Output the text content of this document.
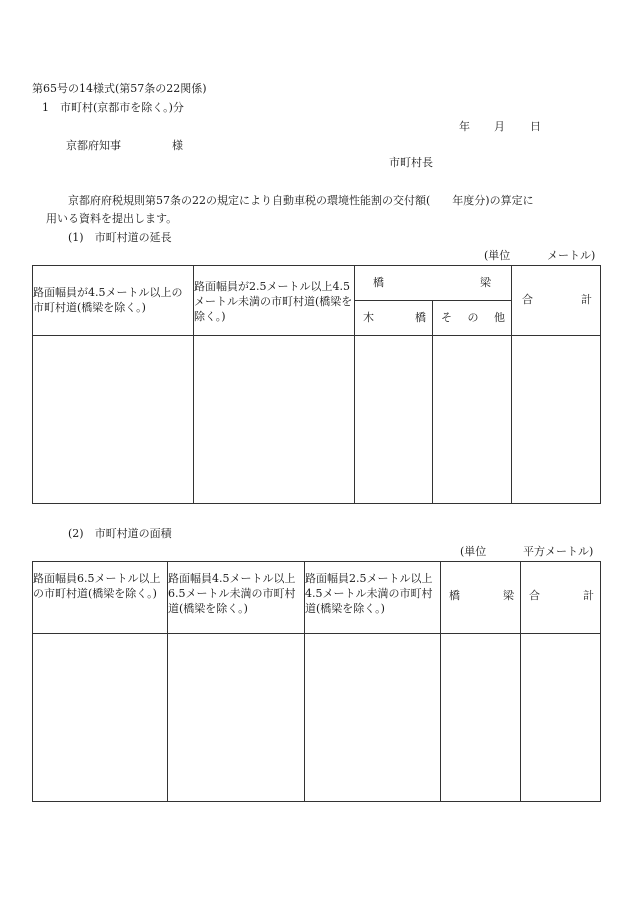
第65号の14様式(第57条の22関係)
1　市町村(京都市を除く。)分
年 月 日
京都府知事	様
市町村長
京都府府税規則第57条の22の規定により自動車税の環境性能割の交付額(　　年度分)の算定に
用いる資料を提出します。
(1)　市町村道の延長
(単位	メートル)
路面幅員が4.5メートル以上の市町村道(橋梁を除く。)	路面幅員が2.5メートル以上4.5メートル未満の市町村道(橋梁を除く。)	橋 梁		合 計

		木 橋	そ の 他	

(2)　市町村道の面積
(単位	平方メートル)
路面幅員6.5メートル以上の市町村道(橋梁を除く。)	路面幅員4.5メートル以上6.5メートル未満の市町村道(橋梁を除く。)	路面幅員2.5メートル以上4.5メートル未満の市町村道(橋梁を除く。)	橋 梁	合 計
